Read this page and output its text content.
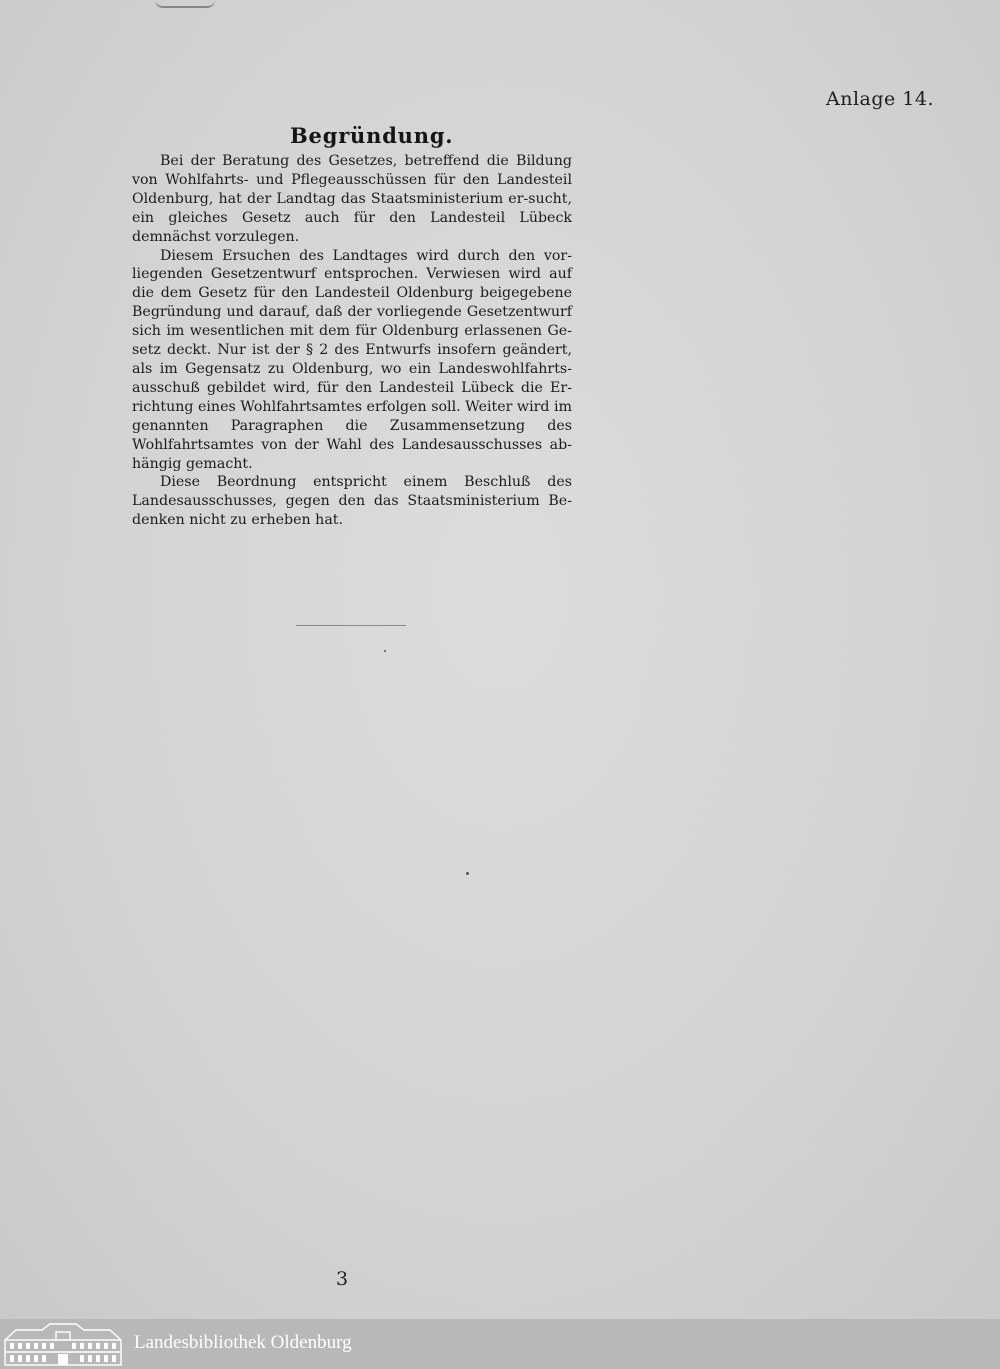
Anlage 14.
Begründung.

Bei der Beratung des Gesetzes, betreffend die Bildung von Wohlfahrts- und Pflegeausschüssen für den Landesteil Oldenburg, hat der Landtag das Staatsministerium er-sucht, ein gleiches Gesetz auch für den Landesteil Lübeck demnächst vorzulegen.

Diesem Ersuchen des Landtages wird durch den vor-liegenden Gesetzentwurf entsprochen. Verwiesen wird auf die dem Gesetz für den Landesteil Oldenburg beigegebene Begründung und darauf, daß der vorliegende Gesetzentwurf sich im wesentlichen mit dem für Oldenburg erlassenen Ge-setz deckt. Nur ist der § 2 des Entwurfs insofern geändert, als im Gegensatz zu Oldenburg, wo ein Landeswohlfahrts-ausschuß gebildet wird, für den Landesteil Lübeck die Er-richtung eines Wohlfahrtsamtes erfolgen soll. Weiter wird im genannten Paragraphen die Zusammensetzung des Wohlfahrtsamtes von der Wahl des Landesausschusses ab-hängig gemacht.

Diese Beordnung entspricht einem Beschluß des Landesausschusses, gegen den das Staatsministerium Be-denken nicht zu erheben hat.

3
Landesbibliothek Oldenburg
